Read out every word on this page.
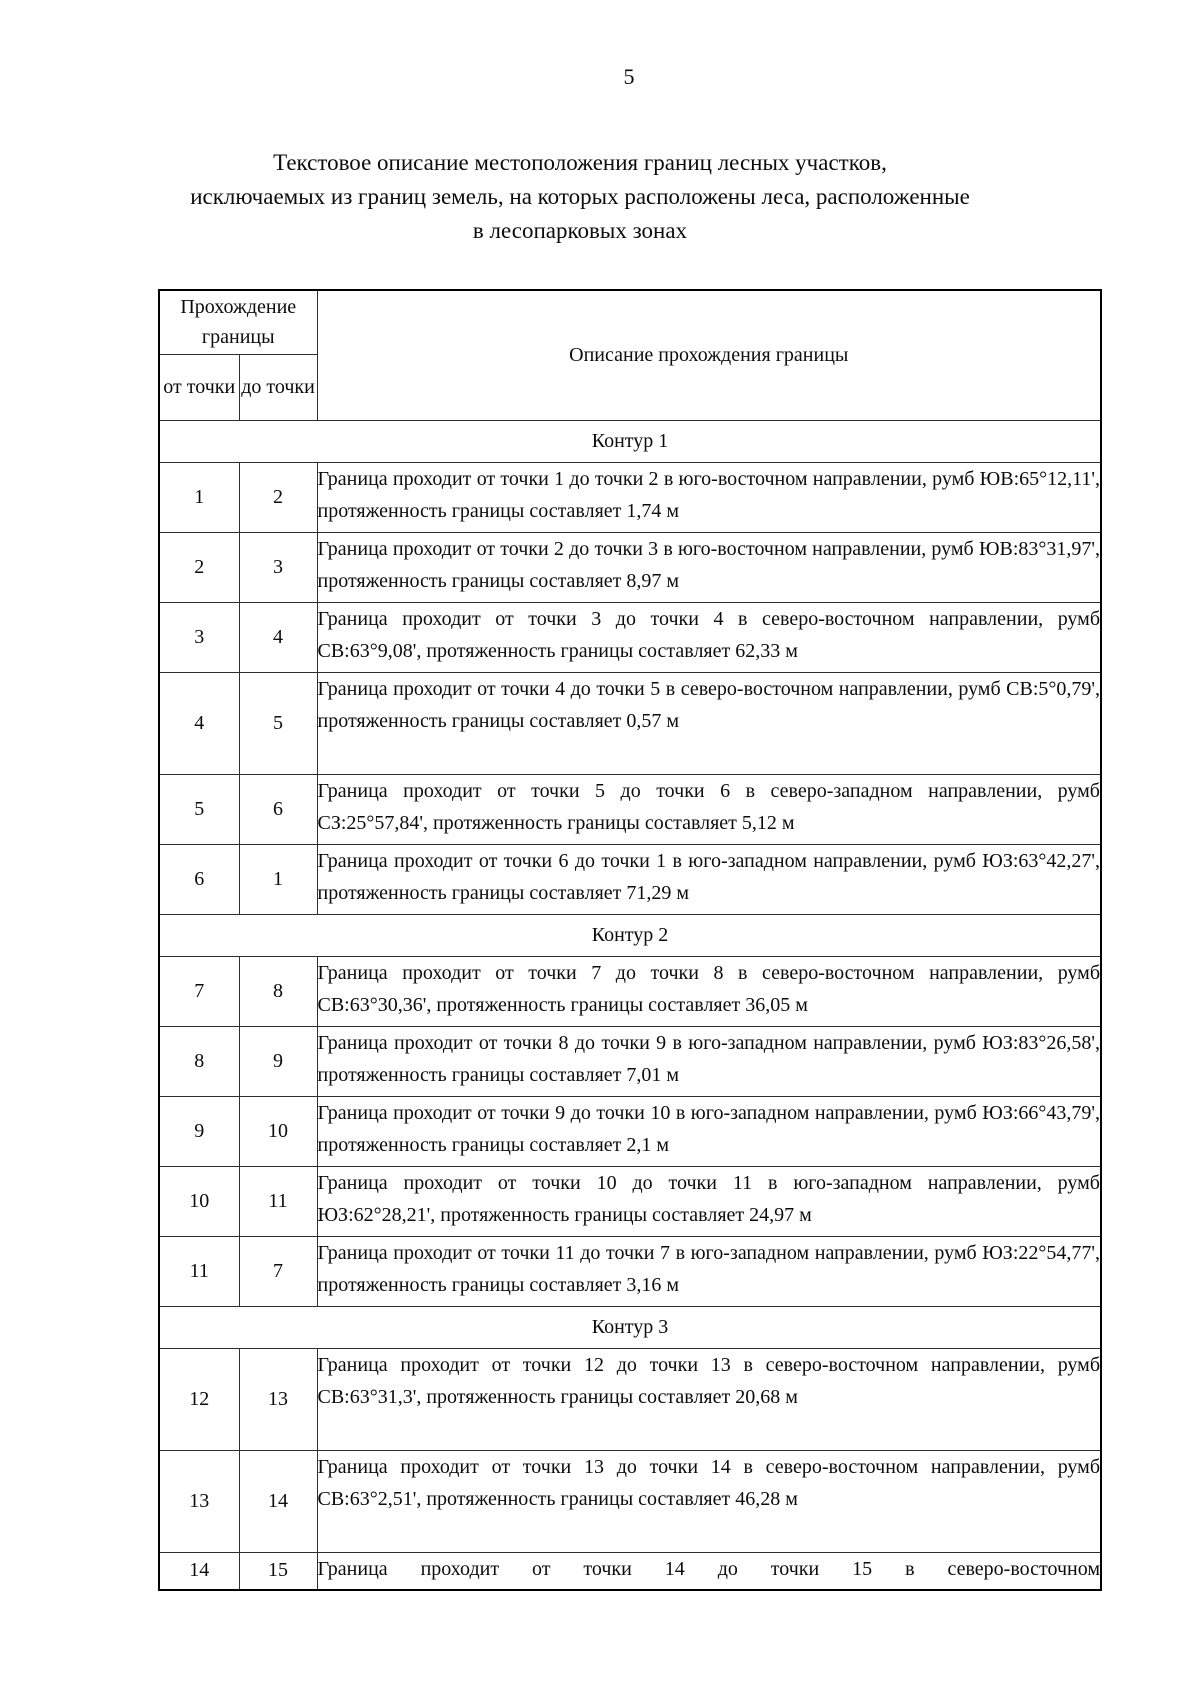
5
Текстовое описание местоположения границ лесных участков,
исключаемых из границ земель, на которых расположены леса, расположенные
в лесопарковых зонах
Прохождение границы		Описание прохождения границы
от точки	до точки	
Контур 1		
1	2	Граница проходит от точки 1 до точки 2 в юго-восточном направлении, румб ЮВ:65°12,11', протяженность границы составляет 1,74 м
2	3	Граница проходит от точки 2 до точки 3 в юго-восточном направлении, румб ЮВ:83°31,97', протяженность границы составляет 8,97 м
3	4	Граница проходит от точки 3 до точки 4 в северо-восточном направлении, румб СВ:63°9,08', протяженность границы составляет 62,33 м
4	5	Граница проходит от точки 4 до точки 5 в северо-восточном направлении, румб СВ:5°0,79', протяженность границы составляет 0,57 м
5	6	Граница проходит от точки 5 до точки 6 в северо-западном направлении, румб СЗ:25°57,84', протяженность границы составляет 5,12 м
6	1	Граница проходит от точки 6 до точки 1 в юго-западном направлении, румб ЮЗ:63°42,27', протяженность границы составляет 71,29 м
Контур 2		
7	8	Граница проходит от точки 7 до точки 8 в северо-восточном направлении, румб СВ:63°30,36', протяженность границы составляет 36,05 м
8	9	Граница проходит от точки 8 до точки 9 в юго-западном направлении, румб ЮЗ:83°26,58', протяженность границы составляет 7,01 м
9	10	Граница проходит от точки 9 до точки 10 в юго-западном направлении, румб ЮЗ:66°43,79', протяженность границы составляет 2,1 м
10	11	Граница проходит от точки 10 до точки 11 в юго-западном направлении, румб ЮЗ:62°28,21', протяженность границы составляет 24,97 м
11	7	Граница проходит от точки 11 до точки 7 в юго-западном направлении, румб ЮЗ:22°54,77', протяженность границы составляет 3,16 м
Контур 3		
12	13	Граница проходит от точки 12 до точки 13 в северо-восточном направлении, румб СВ:63°31,3', протяженность границы составляет 20,68 м
13	14	Граница проходит от точки 13 до точки 14 в северо-восточном направлении, румб СВ:63°2,51', протяженность границы составляет 46,28 м
14	15	Граница проходит от точки 14 до точки 15 в северо-восточном
